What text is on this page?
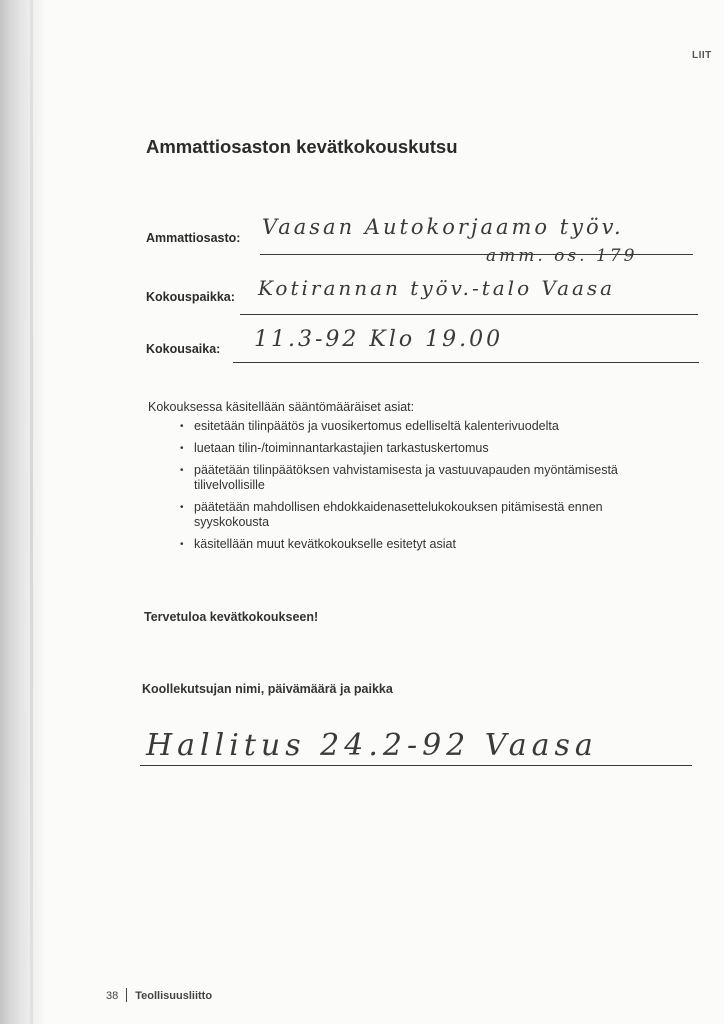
LIIT
Ammattiosaston kevätkokouskutsu
Ammattiosasto: Vaasan Autokorjaamo työv.
amm. os. 179
Kokouspaikka: Kotirannan työv.-talo Vaasa
Kokousaika: 11.3-92 Klo 19.00
Kokouksessa käsitellään sääntömääräiset asiat:
• esitetään tilinpäätös ja vuosikertomus edelliseltä kalenterivuodelta
• luetaan tilin-/toiminnantarkastajien tarkastuskertomus
• päätetään tilinpäätöksen vahvistamisesta ja vastuuvapauden myöntämisestä tilivelvollisille
• päätetään mahdollisen ehdokkaidenasettelukokouksen pitämisestä ennen syyskokousta
• käsitellään muut kevätkokoukselle esitetyt asiat
Tervetuloa kevätkokoukseen!
Koollekutsujan nimi, päivämäärä ja paikka
Hallitus 24.2-92 Vaasa
38 Teollisuusliitto
